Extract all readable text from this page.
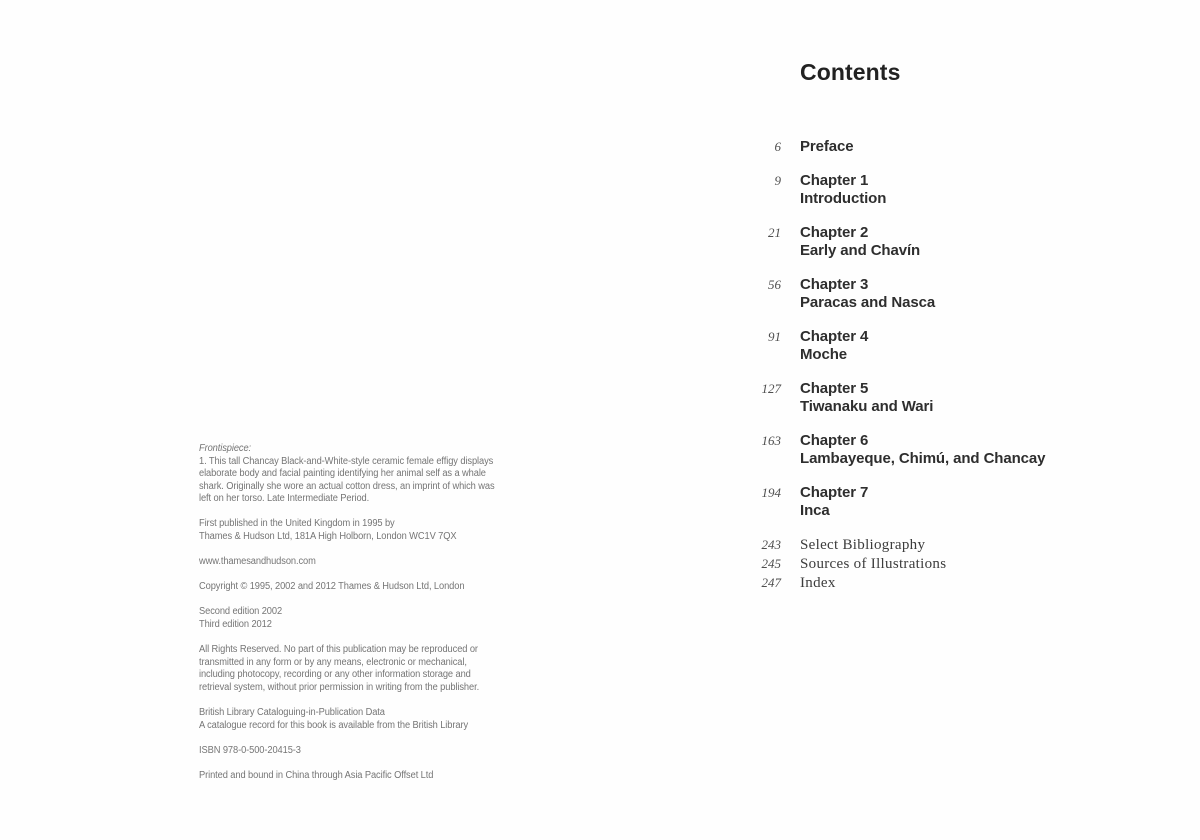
Frontispiece:
1. This tall Chancay Black-and-White-style ceramic female effigy displays
elaborate body and facial painting identifying her animal self as a whale
shark. Originally she wore an actual cotton dress, an imprint of which was
left on her torso. Late Intermediate Period.
First published in the United Kingdom in 1995 by
Thames & Hudson Ltd, 181A High Holborn, London WC1V 7QX
www.thamesandhudson.com
Copyright © 1995, 2002 and 2012 Thames & Hudson Ltd, London
Second edition 2002
Third edition 2012
All Rights Reserved. No part of this publication may be reproduced or
transmitted in any form or by any means, electronic or mechanical,
including photocopy, recording or any other information storage and
retrieval system, without prior permission in writing from the publisher.
British Library Cataloguing-in-Publication Data
A catalogue record for this book is available from the British Library
ISBN 978-0-500-20415-3
Printed and bound in China through Asia Pacific Offset Ltd
Contents
6 Preface
9 Chapter 1
Introduction
21 Chapter 2
Early and Chavín
56 Chapter 3
Paracas and Nasca
91 Chapter 4
Moche
127 Chapter 5
Tiwanaku and Wari
163 Chapter 6
Lambayeque, Chimú, and Chancay
194 Chapter 7
Inca
243 Select Bibliography
245 Sources of Illustrations
247 Index
